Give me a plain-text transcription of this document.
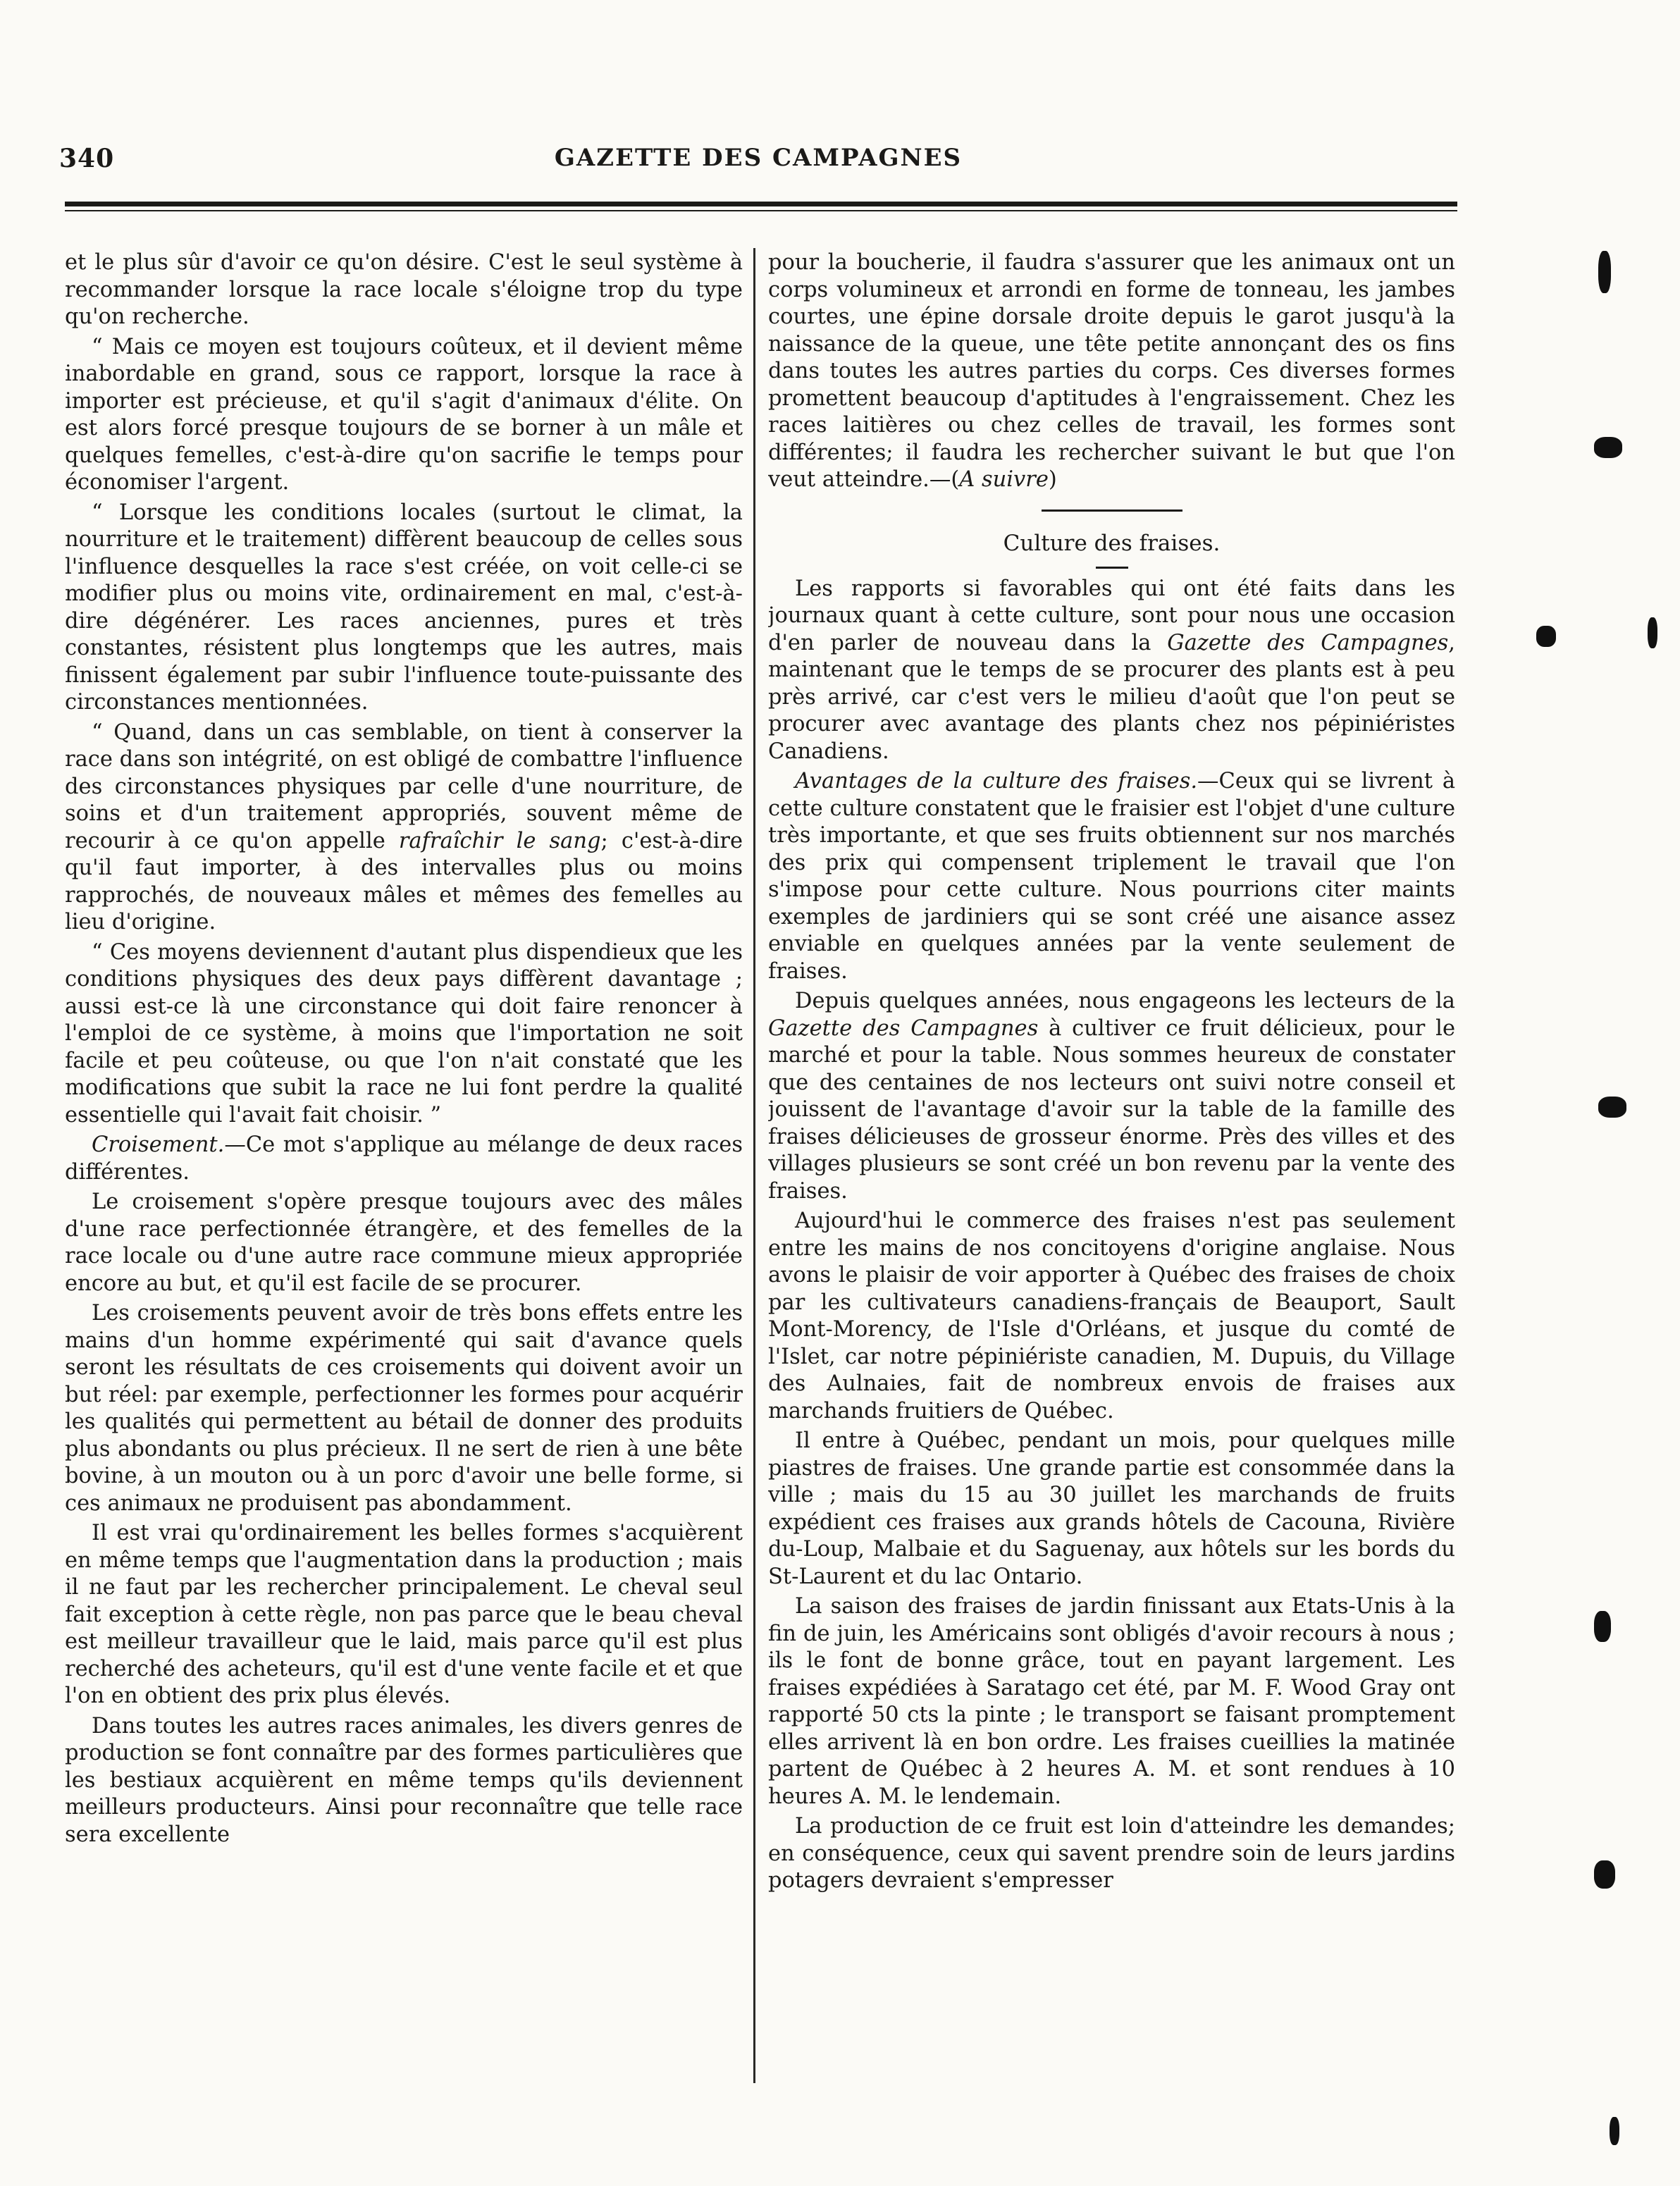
340	GAZETTE DES CAMPAGNES

et le plus sûr d'avoir ce qu'on désire. C'est le seul système à recommander lorsque la race locale s'éloigne trop du type qu'on recherche.

“ Mais ce moyen est toujours coûteux, et il devient même inabordable en grand, sous ce rapport, lorsque la race à importer est précieuse, et qu'il s'agit d'animaux d'élite. On est alors forcé presque toujours de se borner à un mâle et quelques femelles, c'est-à-dire qu'on sacrifie le temps pour économiser l'argent.

“ Lorsque les conditions locales (surtout le climat, la nourriture et le traitement) diffèrent beaucoup de celles sous l'influence desquelles la race s'est créée, on voit celle-ci se modifier plus ou moins vite, ordinairement en mal, c'est-à-dire dégénérer. Les races anciennes, pures et très constantes, résistent plus longtemps que les autres, mais finissent également par subir l'influence toute-puissante des circonstances mentionnées.

“ Quand, dans un cas semblable, on tient à conserver la race dans son intégrité, on est obligé de combattre l'influence des circonstances physiques par celle d'une nourriture, de soins et d'un traitement appropriés, souvent même de recourir à ce qu'on appelle rafraîchir le sang; c'est-à-dire qu'il faut importer, à des intervalles plus ou moins rapprochés, de nouveaux mâles et mêmes des femelles au lieu d'origine.

“ Ces moyens deviennent d'autant plus dispendieux que les conditions physiques des deux pays diffèrent davantage ; aussi est-ce là une circonstance qui doit faire renoncer à l'emploi de ce système, à moins que l'importation ne soit facile et peu coûteuse, ou que l'on n'ait constaté que les modifications que subit la race ne lui font perdre la qualité essentielle qui l'avait fait choisir. ”

Croisement.—Ce mot s'applique au mélange de deux races différentes.

Le croisement s'opère presque toujours avec des mâles d'une race perfectionnée étrangère, et des femelles de la race locale ou d'une autre race commune mieux appropriée encore au but, et qu'il est facile de se procurer.

Les croisements peuvent avoir de très bons effets entre les mains d'un homme expérimenté qui sait d'avance quels seront les résultats de ces croisements qui doivent avoir un but réel: par exemple, perfectionner les formes pour acquérir les qualités qui permettent au bétail de donner des produits plus abondants ou plus précieux. Il ne sert de rien à une bête bovine, à un mouton ou à un porc d'avoir une belle forme, si ces animaux ne produisent pas abondamment.

Il est vrai qu'ordinairement les belles formes s'acquièrent en même temps que l'augmentation dans la production ; mais il ne faut par les rechercher principalement. Le cheval seul fait exception à cette règle, non pas parce que le beau cheval est meilleur travailleur que le laid, mais parce qu'il est plus recherché des acheteurs, qu'il est d'une vente facile et et que l'on en obtient des prix plus élevés.

Dans toutes les autres races animales, les divers genres de production se font connaître par des formes particulières que les bestiaux acquièrent en même temps qu'ils deviennent meilleurs producteurs. Ainsi pour reconnaître que telle race sera excellente

pour la boucherie, il faudra s'assurer que les animaux ont un corps volumineux et arrondi en forme de tonneau, les jambes courtes, une épine dorsale droite depuis le garot jusqu'à la naissance de la queue, une tête petite annonçant des os fins dans toutes les autres parties du corps. Ces diverses formes promettent beaucoup d'aptitudes à l'engraissement. Chez les races laitières ou chez celles de travail, les formes sont différentes; il faudra les rechercher suivant le but que l'on veut atteindre.—(A suivre)

Culture des fraises.

Les rapports si favorables qui ont été faits dans les journaux quant à cette culture, sont pour nous une occasion d'en parler de nouveau dans la Gazette des Campagnes, maintenant que le temps de se procurer des plants est à peu près arrivé, car c'est vers le milieu d'août que l'on peut se procurer avec avantage des plants chez nos pépiniéristes Canadiens.

Avantages de la culture des fraises.—Ceux qui se livrent à cette culture constatent que le fraisier est l'objet d'une culture très importante, et que ses fruits obtiennent sur nos marchés des prix qui compensent triplement le travail que l'on s'impose pour cette culture. Nous pourrions citer maints exemples de jardiniers qui se sont créé une aisance assez enviable en quelques années par la vente seulement de fraises.

Depuis quelques années, nous engageons les lecteurs de la Gazette des Campagnes à cultiver ce fruit délicieux, pour le marché et pour la table. Nous sommes heureux de constater que des centaines de nos lecteurs ont suivi notre conseil et jouissent de l'avantage d'avoir sur la table de la famille des fraises délicieuses de grosseur énorme. Près des villes et des villages plusieurs se sont créé un bon revenu par la vente des fraises.

Aujourd'hui le commerce des fraises n'est pas seulement entre les mains de nos concitoyens d'origine anglaise. Nous avons le plaisir de voir apporter à Québec des fraises de choix par les cultivateurs canadiens-français de Beauport, Sault Mont-Morency, de l'Isle d'Orléans, et jusque du comté de l'Islet, car notre pépiniériste canadien, M. Dupuis, du Village des Aulnaies, fait de nombreux envois de fraises aux marchands fruitiers de Québec.

Il entre à Québec, pendant un mois, pour quelques mille piastres de fraises. Une grande partie est consommée dans la ville ; mais du 15 au 30 juillet les marchands de fruits expédient ces fraises aux grands hôtels de Cacouna, Rivière du-Loup, Malbaie et du Saguenay, aux hôtels sur les bords du St-Laurent et du lac Ontario.

La saison des fraises de jardin finissant aux Etats-Unis à la fin de juin, les Américains sont obligés d'avoir recours à nous ; ils le font de bonne grâce, tout en payant largement. Les fraises expédiées à Saratago cet été, par M. F. Wood Gray ont rapporté 50 cts la pinte ; le transport se faisant promptement elles arrivent là en bon ordre. Les fraises cueillies la matinée partent de Québec à 2 heures A. M. et sont rendues à 10 heures A. M. le lendemain.

La production de ce fruit est loin d'atteindre les demandes; en conséquence, ceux qui savent prendre soin de leurs jardins potagers devraient s'empresser
